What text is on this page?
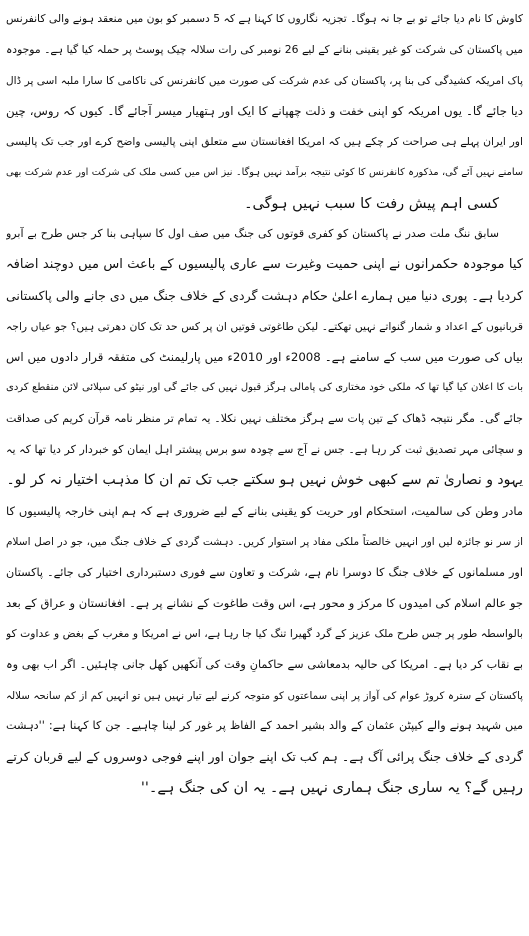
کاوش کا نام دیا جائے تو بے جا نہ ہوگا۔ تجزیہ نگاروں کا کہنا ہے کہ 5 دسمبر کو بون میں منعقد ہونے والی کانفرنس
میں پاکستان کی شرکت کو غیر یقینی بنانے کے لیے 26 نومبر کی رات سلالہ چیک پوسٹ پر حملہ کیا گیا ہے۔ موجودہ
پاک امریکہ کشیدگی کی بنا پر، پاکستان کی عدم شرکت کی صورت میں کانفرنس کی ناکامی کا سارا ملبہ اسی پر ڈال
دیا جائے گا۔ یوں امریکہ کو اپنی خفت و ذلت چھپانے کا ایک اور ہتھیار میسر آجائے گا۔ کیوں کہ روس، چین
اور ایران پہلے ہی صراحت کر چکے ہیں کہ امریکا افغانستان سے متعلق اپنی پالیسی واضح کرے اور جب تک پالیسی
سامنے نہیں آئے گی، مذکورہ کانفرنس کا کوئی نتیجہ برآمد نہیں ہوگا۔ نیز اس میں کسی ملک کی شرکت اور عدم شرکت بھی
کسی اہم پیش رفت کا سبب نہیں ہوگی۔
سابق ننگ ملت صدر نے پاکستان کو کفری قوتوں کی جنگ میں صف اول کا سپاہی بنا کر جس طرح بے آبرو
کیا موجودہ حکمرانوں نے اپنی حمیت وغیرت سے عاری پالیسیوں کے باعث اس میں دوچند اضافہ
کردیا ہے۔ پوری دنیا میں ہمارے اعلیٰ حکام دہشت گردی کے خلاف جنگ میں دی جانے والی پاکستانی
قربانیوں کے اعداد و شمار گنواتے نہیں تھکتے۔ لیکن طاغوتی قوتیں ان پر کس حد تک کان دھرتی ہیں؟ جو عیاں راجہ
بیاں کی صورت میں سب کے سامنے ہے۔ 2008ء اور 2010ء میں پارلیمنٹ کی متفقہ قرار دادوں میں اس
بات کا اعلان کیا گیا تھا کہ ملکی خود مختاری کی پامالی ہرگز قبول نہیں کی جائے گی اور نیٹو کی سپلائی لائن منقطع کردی
جائے گی۔ مگر نتیجہ ڈھاک کے تین پات سے ہرگز مختلف نہیں نکلا۔ یہ تمام تر منظر نامہ قرآن کریم کی صداقت
و سچائی مہر تصدیق ثبت کر رہا ہے۔ جس نے آج سے چودہ سو برس پیشتر اہل ایمان کو خبردار کر دیا تھا کہ یہ
یہود و نصاریٰ تم سے کبھی خوش نہیں ہو سکتے جب تک تم ان کا مذہب اختیار نہ کر لو۔
مادر وطن کی سالمیت، استحکام اور حریت کو یقینی بنانے کے لیے ضروری ہے کہ ہم اپنی خارجہ پالیسیوں کا
از سر نو جائزہ لیں اور انہیں خالصتاً ملکی مفاد پر استوار کریں۔ دہشت گردی کے خلاف جنگ میں، جو در اصل اسلام
اور مسلمانوں کے خلاف جنگ کا دوسرا نام ہے، شرکت و تعاون سے فوری دستبرداری اختیار کی جائے۔ پاکستان
جو عالم اسلام کی امیدوں کا مرکز و محور ہے، اس وقت طاغوت کے نشانے پر ہے۔ افغانستان و عراق کے بعد
بالواسطہ طور پر جس طرح ملک عزیز کے گرد گھیرا تنگ کیا جا رہا ہے، اس نے امریکا و مغرب کے بغض و عداوت کو
بے نقاب کر دیا ہے۔ امریکا کی حالیہ بدمعاشی سے حاکمانِ وقت کی آنکھیں کھل جانی چاہئیں۔ اگر اب بھی وہ
پاکستان کے سترہ کروڑ عوام کی آواز پر اپنی سماعتوں کو متوجہ کرنے لیے تیار نہیں ہیں تو انہیں کم از کم سانحہ سلالہ
میں شہید ہونے والے کیپٹن عثمان کے والد بشیر احمد کے الفاظ پر غور کر لینا چاہیے۔ جن کا کہنا ہے: ''دہشت
گردی کے خلاف جنگ پرائی آگ ہے۔ ہم کب تک اپنے جوان اور اپنے فوجی دوسروں کے لیے قربان کرتے
رہیں گے؟ یہ ساری جنگ ہماری نہیں ہے۔ یہ ان کی جنگ ہے۔''
